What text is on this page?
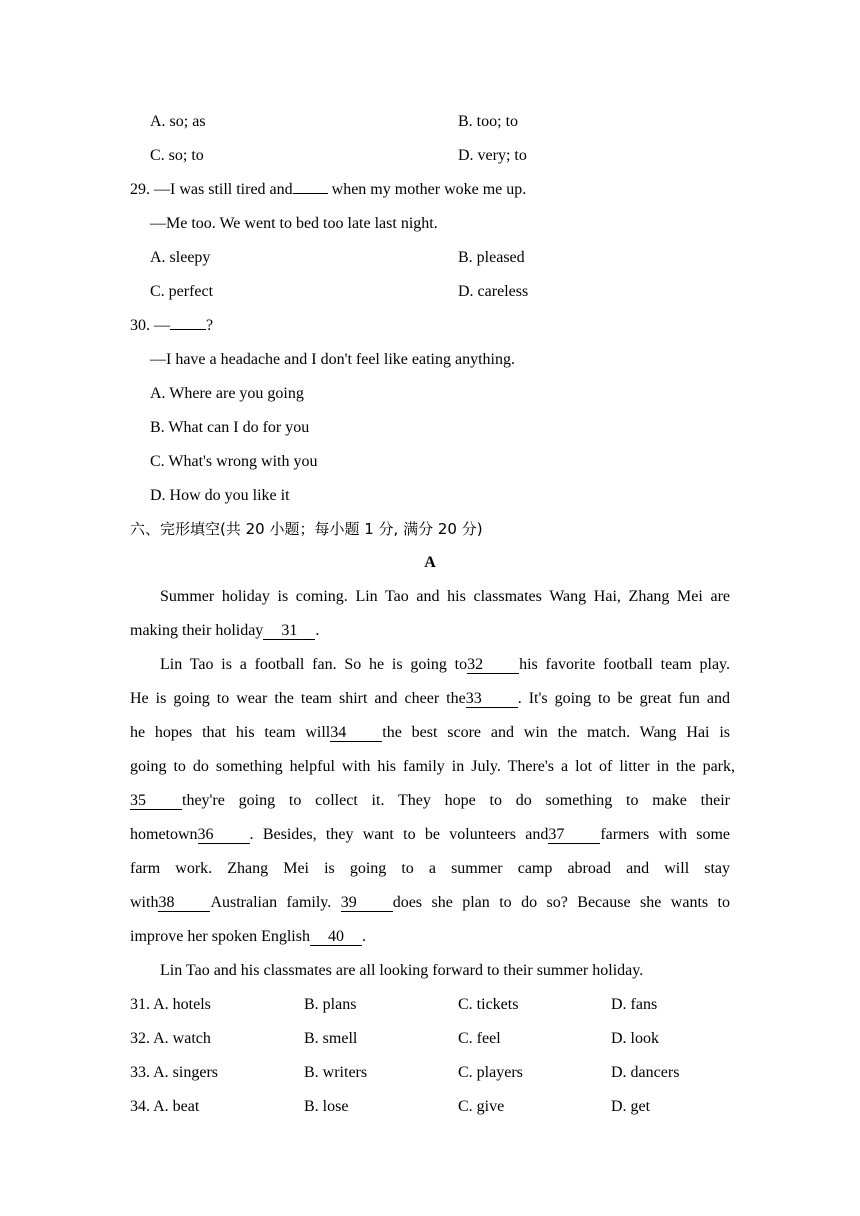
A. so; as	B. too; to
C. so; to	D. very; to
29. —I was still tired and when my mother woke me up.
—Me too. We went to bed too late last night.
A. sleepy	B. pleased
C. perfect	D. careless
30. — ?
—I have a headache and I don't feel like eating anything.
A. Where are you going
B. What can I do for you
C. What's wrong with you
D. How do you like it
六、完形填空(共 20 小题；每小题 1 分, 满分 20 分)
A
Summer holiday is coming. Lin Tao and his classmates Wang Hai, Zhang Mei are
making their holiday 31 .
Lin Tao is a football fan. So he is going to32 his favorite football team play.
He is going to wear the team shirt and cheer the33 . It's going to be great fun and
he hopes that his team will34 the best score and win the match. Wang Hai is
going to do something helpful with his family in July. There's a lot of litter in the park,
35 they're going to collect it. They hope to do something to make their
hometown36 . Besides, they want to be volunteers and37 farmers with some
farm work. Zhang Mei is going to a summer camp abroad and will stay
with38 Australian family. 39 does she plan to do so? Because she wants to
improve her spoken English 40 .
Lin Tao and his classmates are all looking forward to their summer holiday.
31. A. hotels	B. plans	C. tickets	D. fans
32. A. watch	B. smell	C. feel	D. look
33. A. singers	B. writers	C. players	D. dancers
34. A. beat	B. lose	C. give	D. get
